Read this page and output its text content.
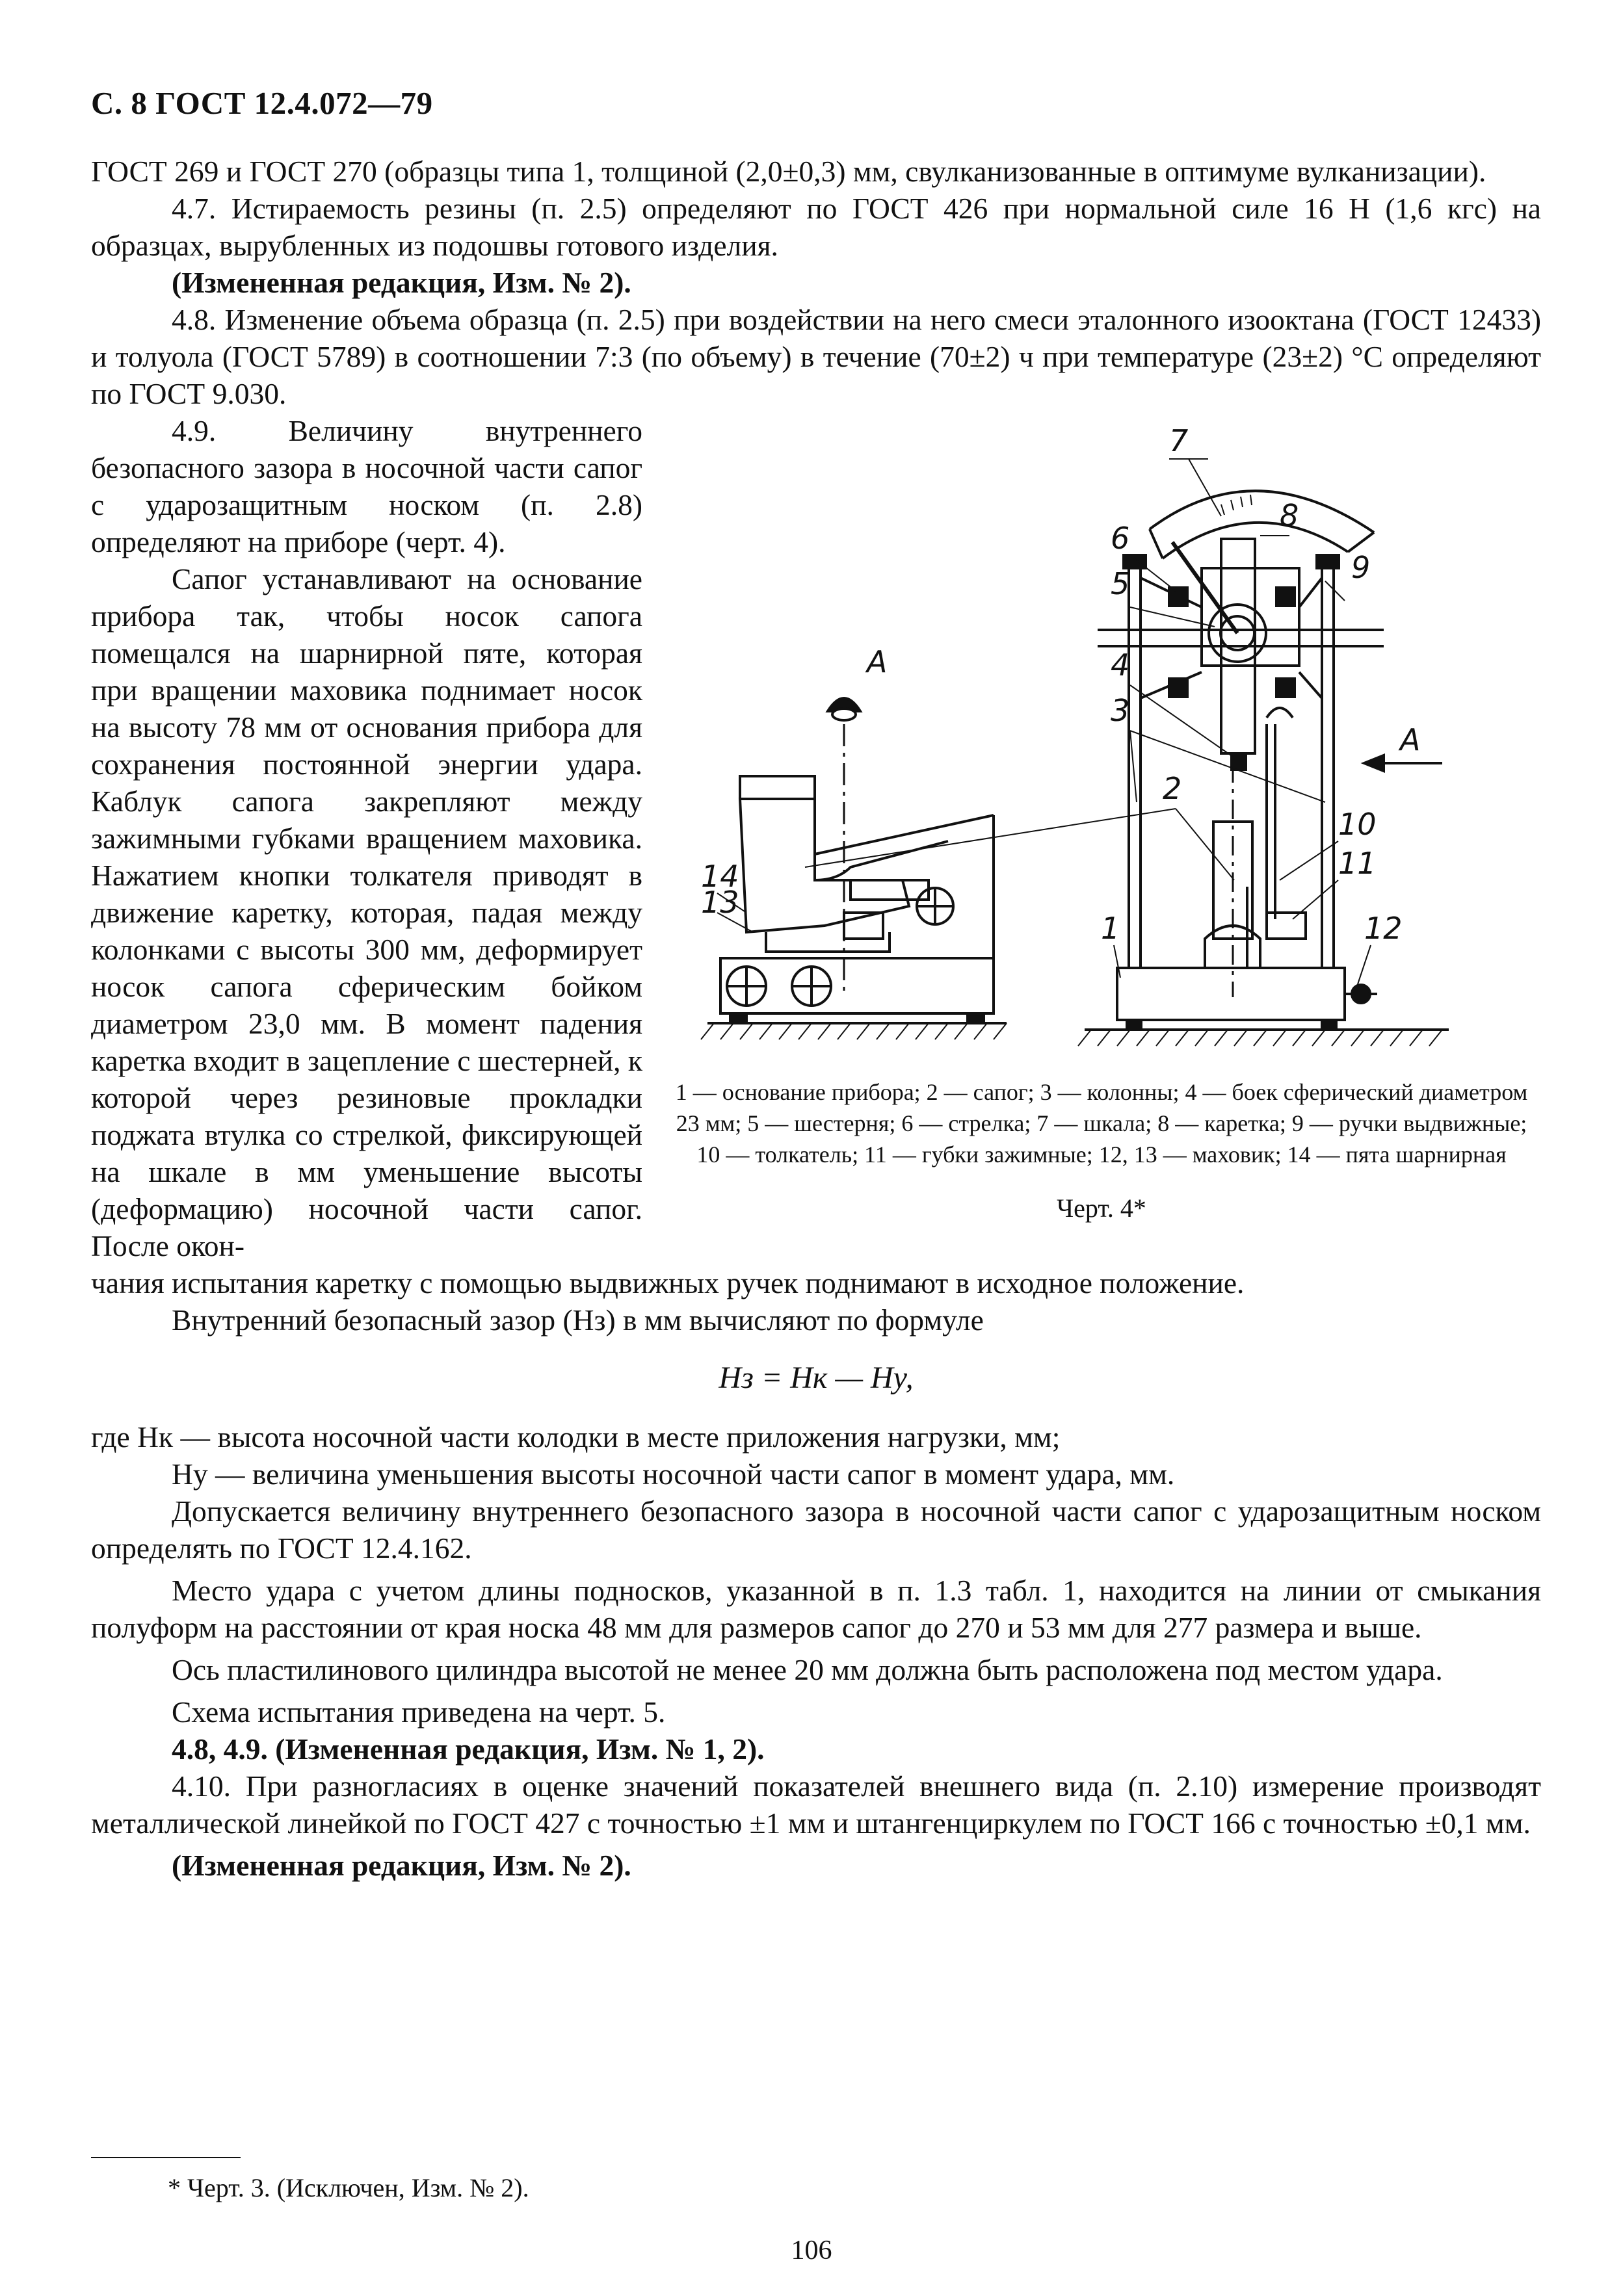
С. 8 ГОСТ 12.4.072—79

ГОСТ 269 и ГОСТ 270 (образцы типа 1, толщиной (2,0±0,3) мм, свулканизованные в оптимуме вулканизации).

4.7. Истираемость резины (п. 2.5) определяют по ГОСТ 426 при нормальной силе 16 Н (1,6 кгс) на образцах, вырубленных из подошвы готового изделия.

(Измененная редакция, Изм. № 2).

4.8. Изменение объема образца (п. 2.5) при воздействии на него смеси эталонного изооктана (ГОСТ 12433) и толуола (ГОСТ 5789) в соотношении 7:3 (по объему) в течение (70±2) ч при температуре (23±2) °С определяют по ГОСТ 9.030.

4.9. Величину внутреннего безопасного зазора в носочной части сапог с ударозащитным носком (п. 2.8) определяют на приборе (черт. 4).

Сапог устанавливают на основание прибора так, чтобы носок сапога помещался на шарнирной пяте, которая при вращении маховика поднимает носок на высоту 78 мм от основания прибора для сохранения постоянной энергии удара. Каблук сапога закрепляют между зажимными губками вращением маховика. Нажатием кнопки толкателя приводят в движение каретку, которая, падая между колонками с высоты 300 мм, деформирует носок сапога сферическим бойком диаметром 23,0 мм. В момент падения каретка входит в зацепление с шестерней, к которой через резиновые прокладки поджата втулка со стрелкой, фиксирующей на шкале в мм уменьшение высоты (деформацию) носочной части сапог. После окон-

А
А
7
8
6
5	9
4
3
2
10
11
1	12
14
13
1 — основание прибора; 2 — сапог; 3 — колонны; 4 — боек сферический диаметром 23 мм; 5 — шестерня; 6 — стрелка; 7 — шкала; 8 — каретка; 9 — ручки выдвижные; 10 — толкатель; 11 — губки зажимные; 12, 13 — маховик; 14 — пята шарнирная
Черт. 4*

чания испытания каретку с помощью выдвижных ручек поднимают в исходное положение.

Внутренний безопасный зазор (Hз) в мм вычисляют по формуле

Hз = Hк — Hу,

где Hк — высота носочной части колодки в месте приложения нагрузки, мм;

Hу — величина уменьшения высоты носочной части сапог в момент удара, мм.

Допускается величину внутреннего безопасного зазора в носочной части сапог с ударозащитным носком определять по ГОСТ 12.4.162.

Место удара с учетом длины подносков, указанной в п. 1.3 табл. 1, находится на линии от смыкания полуформ на расстоянии от края носка 48 мм для размеров сапог до 270 и 53 мм для 277 размера и выше.

Ось пластилинового цилиндра высотой не менее 20 мм должна быть расположена под местом удара.

Схема испытания приведена на черт. 5.

4.8, 4.9. (Измененная редакция, Изм. № 1, 2).

4.10. При разногласиях в оценке значений показателей внешнего вида (п. 2.10) измерение производят металлической линейкой по ГОСТ 427 с точностью ±1 мм и штангенциркулем по ГОСТ 166 с точностью ±0,1 мм.

(Измененная редакция, Изм. № 2).

* Черт. 3. (Исключен, Изм. № 2).
106
